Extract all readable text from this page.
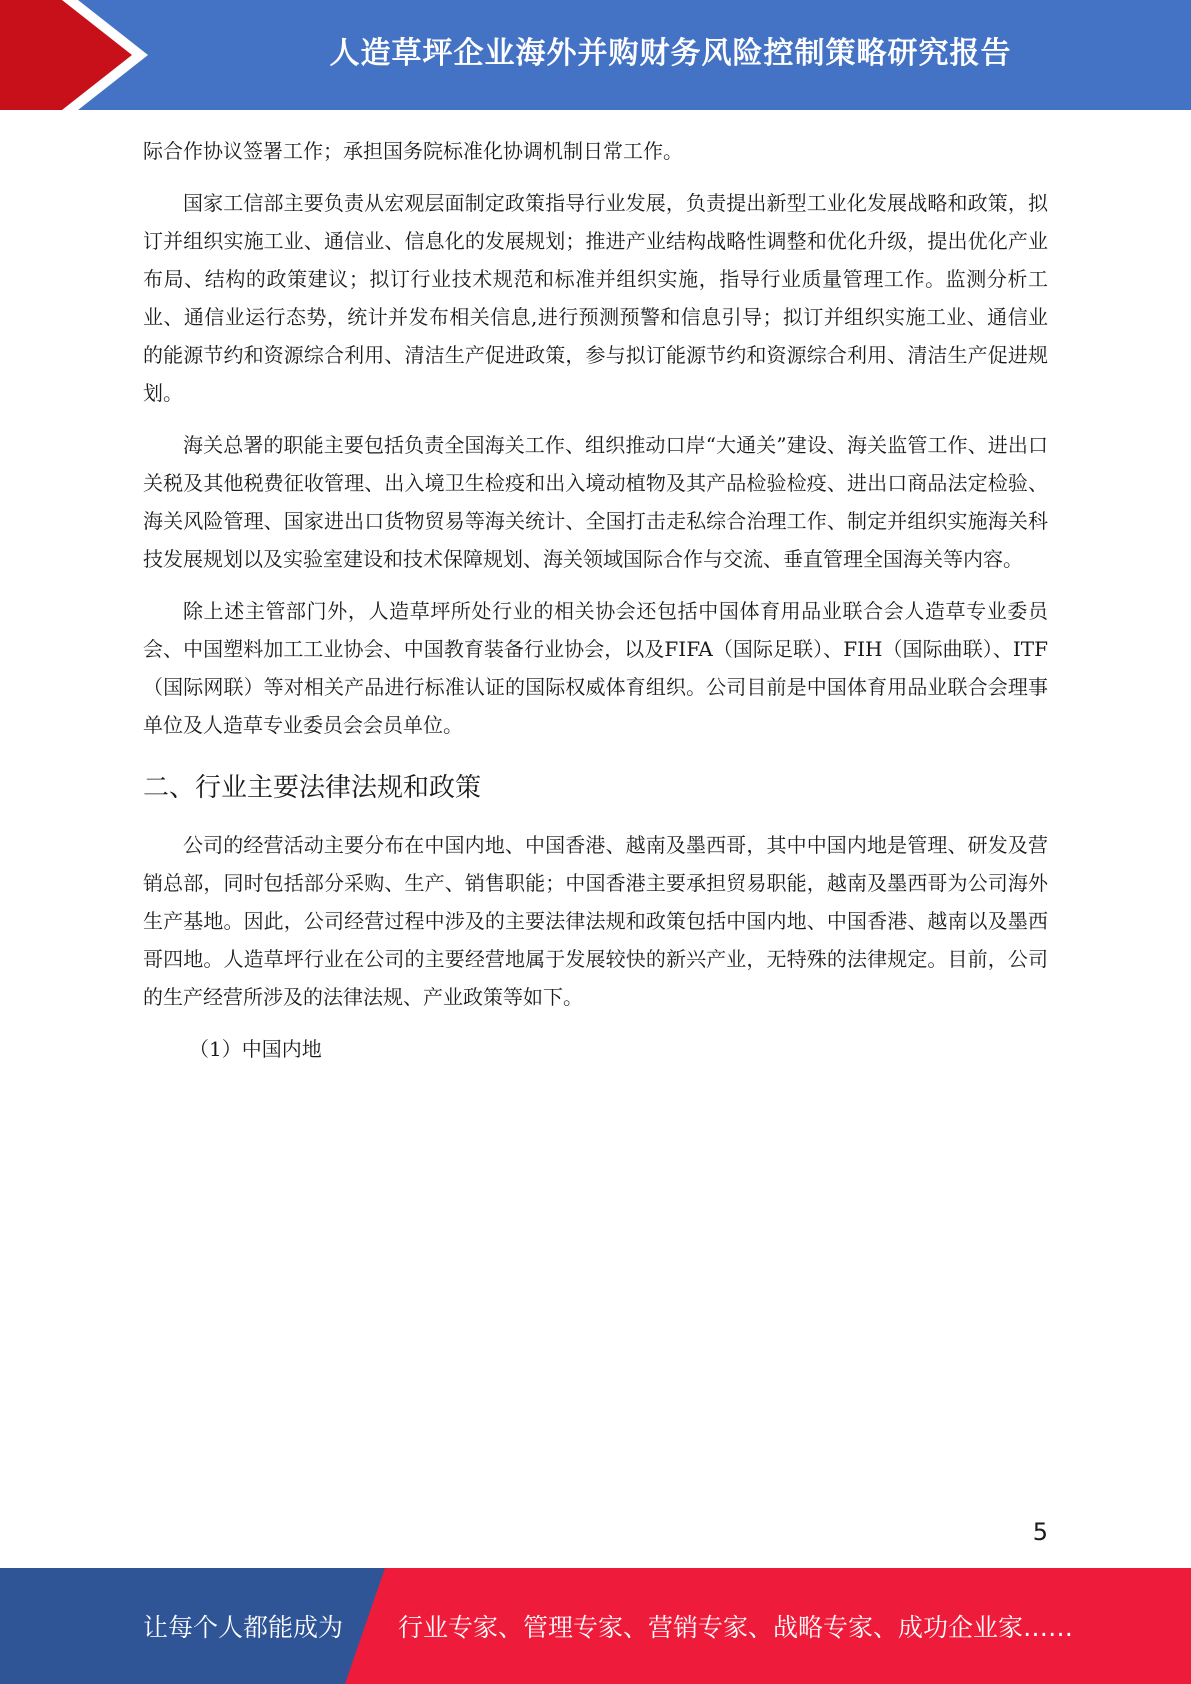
人造草坪企业海外并购财务风险控制策略研究报告

际合作协议签署工作；承担国务院标准化协调机制日常工作。

国家工信部主要负责从宏观层面制定政策指导行业发展，负责提出新型工业化发展战略和政策，拟订并组织实施工业、通信业、信息化的发展规划；推进产业结构战略性调整和优化升级，提出优化产业布局、结构的政策建议；拟订行业技术规范和标准并组织实施，指导行业质量管理工作。监测分析工业、通信业运行态势，统计并发布相关信息,进行预测预警和信息引导；拟订并组织实施工业、通信业的能源节约和资源综合利用、清洁生产促进政策，参与拟订能源节约和资源综合利用、清洁生产促进规划。

海关总署的职能主要包括负责全国海关工作、组织推动口岸“大通关”建设、海关监管工作、进出口关税及其他税费征收管理、出入境卫生检疫和出入境动植物及其产品检验检疫、进出口商品法定检验、海关风险管理、国家进出口货物贸易等海关统计、全国打击走私综合治理工作、制定并组织实施海关科技发展规划以及实验室建设和技术保障规划、海关领域国际合作与交流、垂直管理全国海关等内容。

除上述主管部门外，人造草坪所处行业的相关协会还包括中国体育用品业联合会人造草专业委员会、中国塑料加工工业协会、中国教育装备行业协会，以及FIFA（国际足联）、FIH（国际曲联）、ITF（国际网联）等对相关产品进行标准认证的国际权威体育组织。公司目前是中国体育用品业联合会理事单位及人造草专业委员会会员单位。

二、行业主要法律法规和政策

公司的经营活动主要分布在中国内地、中国香港、越南及墨西哥，其中中国内地是管理、研发及营销总部，同时包括部分采购、生产、销售职能；中国香港主要承担贸易职能，越南及墨西哥为公司海外生产基地。因此，公司经营过程中涉及的主要法律法规和政策包括中国内地、中国香港、越南以及墨西哥四地。人造草坪行业在公司的主要经营地属于发展较快的新兴产业，无特殊的法律规定。目前，公司的生产经营所涉及的法律法规、产业政策等如下。

（1）中国内地

5
让每个人都能成为 行业专家、管理专家、营销专家、战略专家、成功企业家……
